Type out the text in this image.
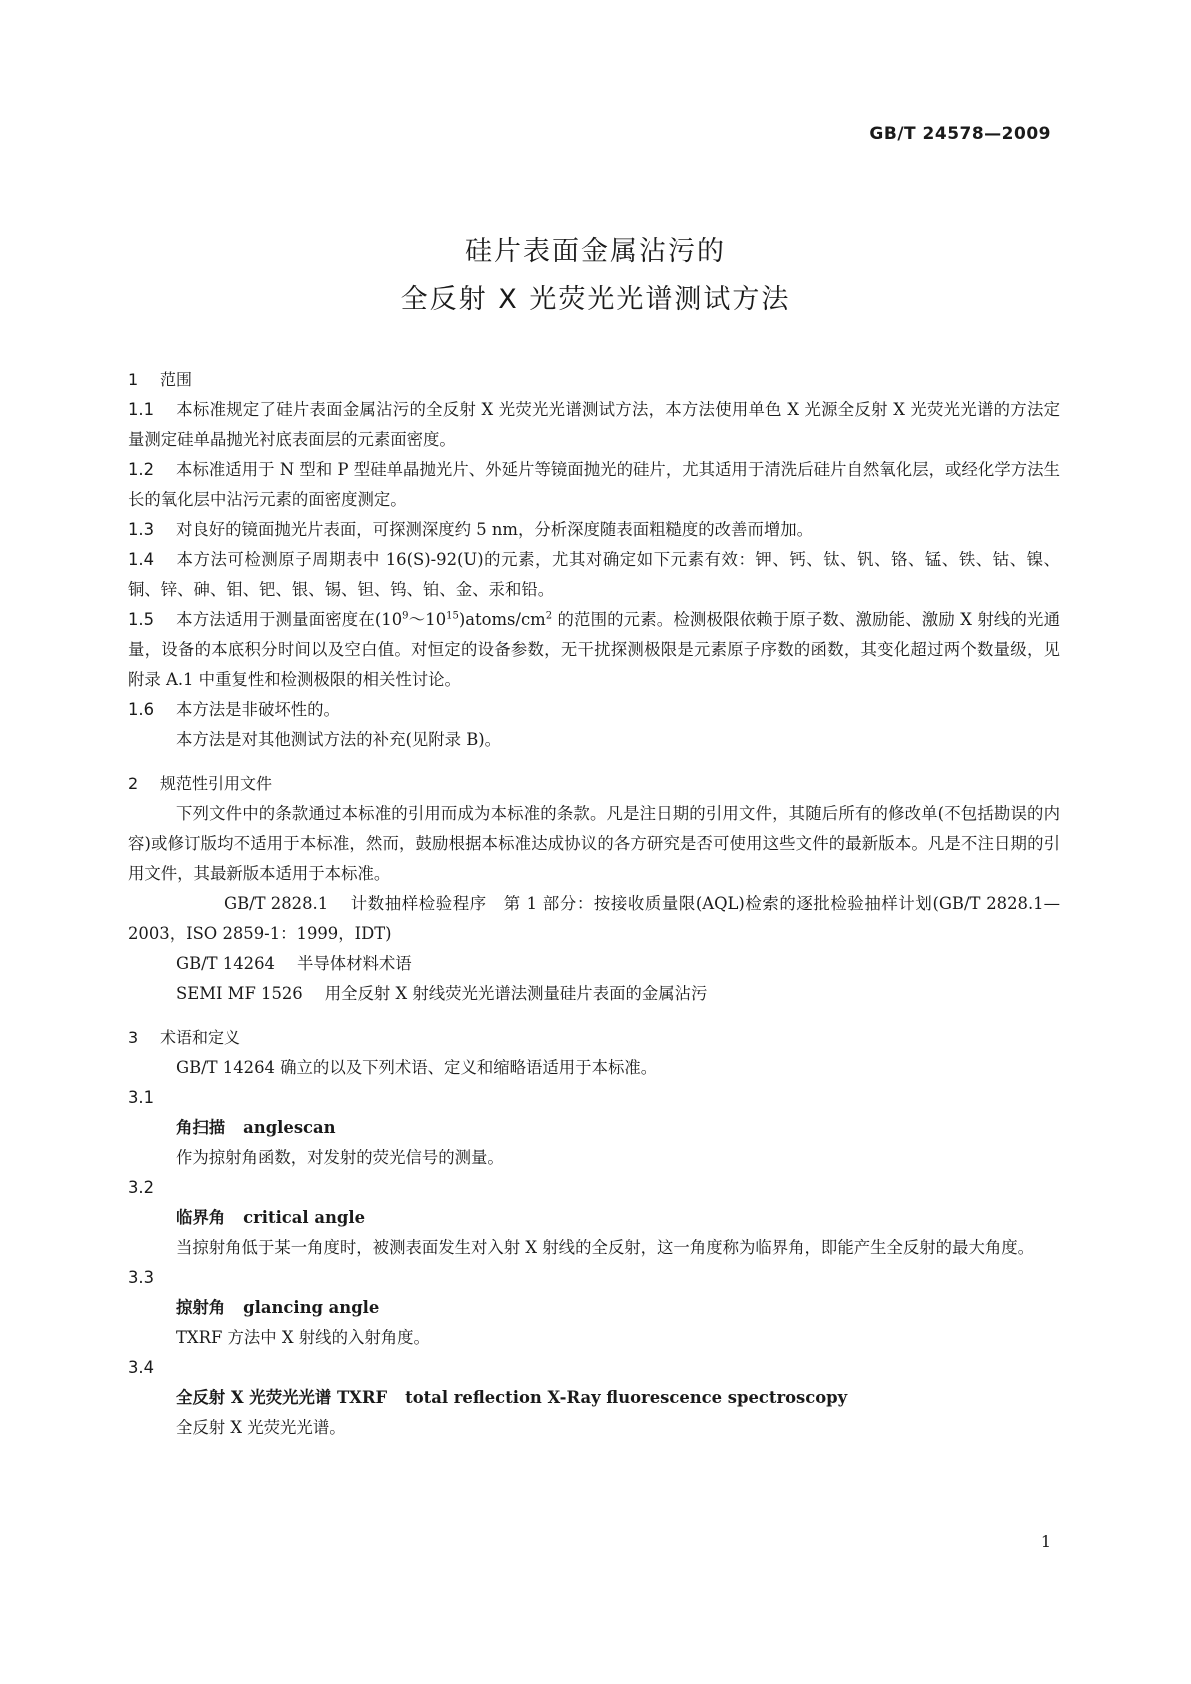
GB/T 24578—2009
硅片表面金属沾污的
全反射 X 光荧光光谱测试方法

1 范围

1.1 本标准规定了硅片表面金属沾污的全反射 X 光荧光光谱测试方法，本方法使用单色 X 光源全反射 X 光荧光光谱的方法定量测定硅单晶抛光衬底表面层的元素面密度。

1.2 本标准适用于 N 型和 P 型硅单晶抛光片、外延片等镜面抛光的硅片，尤其适用于清洗后硅片自然氧化层，或经化学方法生长的氧化层中沾污元素的面密度测定。

1.3 对良好的镜面抛光片表面，可探测深度约 5 nm，分析深度随表面粗糙度的改善而增加。

1.4 本方法可检测原子周期表中 16(S)-92(U)的元素，尤其对确定如下元素有效：钾、钙、钛、钒、铬、锰、铁、钴、镍、铜、锌、砷、钼、钯、银、锡、钽、钨、铂、金、汞和铅。

1.5 本方法适用于测量面密度在$(10^9\sim 10^{15})atoms/cm^2$ 的范围的元素。检测极限依赖于原子数、激励能、激励 X 射线的光通量，设备的本底积分时间以及空白值。对恒定的设备参数，无干扰探测极限是元素原子序数的函数，其变化超过两个数量级，见附录 A.1 中重复性和检测极限的相关性讨论。

1.6 本方法是非破坏性的。

本方法是对其他测试方法的补充(见附录 B)。

2 规范性引用文件

下列文件中的条款通过本标准的引用而成为本标准的条款。凡是注日期的引用文件，其随后所有的修改单(不包括勘误的内容)或修订版均不适用于本标准，然而，鼓励根据本标准达成协议的各方研究是否可使用这些文件的最新版本。凡是不注日期的引用文件，其最新版本适用于本标准。

GB/T 2828.1 计数抽样检验程序　第 1 部分：按接收质量限(AQL)检索的逐批检验抽样计划(GB/T 2828.1—2003，ISO 2859-1：1999，IDT)

GB/T 14264 半导体材料术语

SEMI MF 1526 用全反射 X 射线荧光光谱法测量硅片表面的金属沾污

3 术语和定义

GB/T 14264 确立的以及下列术语、定义和缩略语适用于本标准。

3.1

角扫描 anglescan

作为掠射角函数，对发射的荧光信号的测量。

3.2

临界角 critical angle

当掠射角低于某一角度时，被测表面发生对入射 X 射线的全反射，这一角度称为临界角，即能产生全反射的最大角度。

3.3

掠射角 glancing angle

TXRF 方法中 X 射线的入射角度。

3.4

全反射 X 光荧光光谱 TXRF total reflection X-Ray fluorescence spectroscopy

全反射 X 光荧光光谱。

1
